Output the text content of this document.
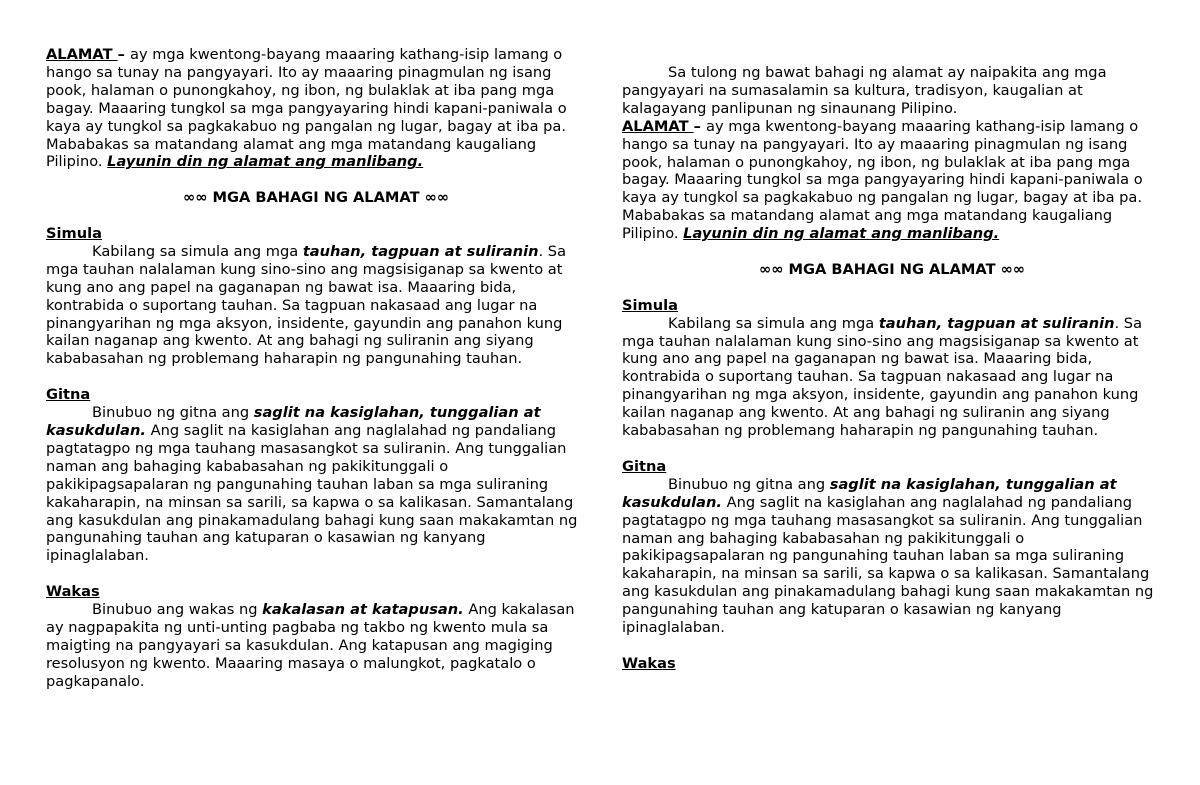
ALAMAT – ay mga kwentong-bayang maaaring kathang-isip lamang o hango sa tunay na pangyayari. Ito ay maaaring pinagmulan ng isang pook, halaman o punongkahoy, ng ibon, ng bulaklak at iba pang mga bagay. Maaaring tungkol sa mga pangyayaring hindi kapani-paniwala o kaya ay tungkol sa pagkakabuo ng pangalan ng lugar, bagay at iba pa. Mababakas sa matandang alamat ang mga matandang kaugaliang Pilipino. Layunin din ng alamat ang manlibang.

∞∞ MGA BAHAGI NG ALAMAT ∞∞

Simula

Kabilang sa simula ang mga tauhan, tagpuan at suliranin. Sa mga tauhan nalalaman kung sino-sino ang magsisiganap sa kwento at kung ano ang papel na gaganapan ng bawat isa. Maaaring bida, kontrabida o suportang tauhan. Sa tagpuan nakasaad ang lugar na pinangyarihan ng mga aksyon, insidente, gayundin ang panahon kung kailan naganap ang kwento. At ang bahagi ng suliranin ang siyang kababasahan ng problemang haharapin ng pangunahing tauhan.

Gitna

Binubuo ng gitna ang saglit na kasiglahan, tunggalian at kasukdulan. Ang saglit na kasiglahan ang naglalahad ng pandaliang pagtatagpo ng mga tauhang masasangkot sa suliranin. Ang tunggalian naman ang bahaging kababasahan ng pakikitunggali o pakikipagsapalaran ng pangunahing tauhan laban sa mga suliraning kakaharapin, na minsan sa sarili, sa kapwa o sa kalikasan. Samantalang ang kasukdulan ang pinakamadulang bahagi kung saan makakamtan ng pangunahing tauhan ang katuparan o kasawian ng kanyang ipinaglalaban.

Wakas

Binubuo ang wakas ng kakalasan at katapusan. Ang kakalasan ay nagpapakita ng unti-unting pagbaba ng takbo ng kwento mula sa maigting na pangyayari sa kasukdulan. Ang katapusan ang magiging resolusyon ng kwento. Maaaring masaya o malungkot, pagkatalo o pagkapanalo.

Sa tulong ng bawat bahagi ng alamat ay naipakita ang mga pangyayari na sumasalamin sa kultura, tradisyon, kaugalian at kalagayang panlipunan ng sinaunang Pilipino.

ALAMAT – ay mga kwentong-bayang maaaring kathang-isip lamang o hango sa tunay na pangyayari. Ito ay maaaring pinagmulan ng isang pook, halaman o punongkahoy, ng ibon, ng bulaklak at iba pang mga bagay. Maaaring tungkol sa mga pangyayaring hindi kapani-paniwala o kaya ay tungkol sa pagkakabuo ng pangalan ng lugar, bagay at iba pa. Mababakas sa matandang alamat ang mga matandang kaugaliang Pilipino. Layunin din ng alamat ang manlibang.

∞∞ MGA BAHAGI NG ALAMAT ∞∞

Simula

Kabilang sa simula ang mga tauhan, tagpuan at suliranin. Sa mga tauhan nalalaman kung sino-sino ang magsisiganap sa kwento at kung ano ang papel na gaganapan ng bawat isa. Maaaring bida, kontrabida o suportang tauhan. Sa tagpuan nakasaad ang lugar na pinangyarihan ng mga aksyon, insidente, gayundin ang panahon kung kailan naganap ang kwento. At ang bahagi ng suliranin ang siyang kababasahan ng problemang haharapin ng pangunahing tauhan.

Gitna

Binubuo ng gitna ang saglit na kasiglahan, tunggalian at kasukdulan. Ang saglit na kasiglahan ang naglalahad ng pandaliang pagtatagpo ng mga tauhang masasangkot sa suliranin. Ang tunggalian naman ang bahaging kababasahan ng pakikitunggali o pakikipagsapalaran ng pangunahing tauhan laban sa mga suliraning kakaharapin, na minsan sa sarili, sa kapwa o sa kalikasan. Samantalang ang kasukdulan ang pinakamadulang bahagi kung saan makakamtan ng pangunahing tauhan ang katuparan o kasawian ng kanyang ipinaglalaban.

Wakas
